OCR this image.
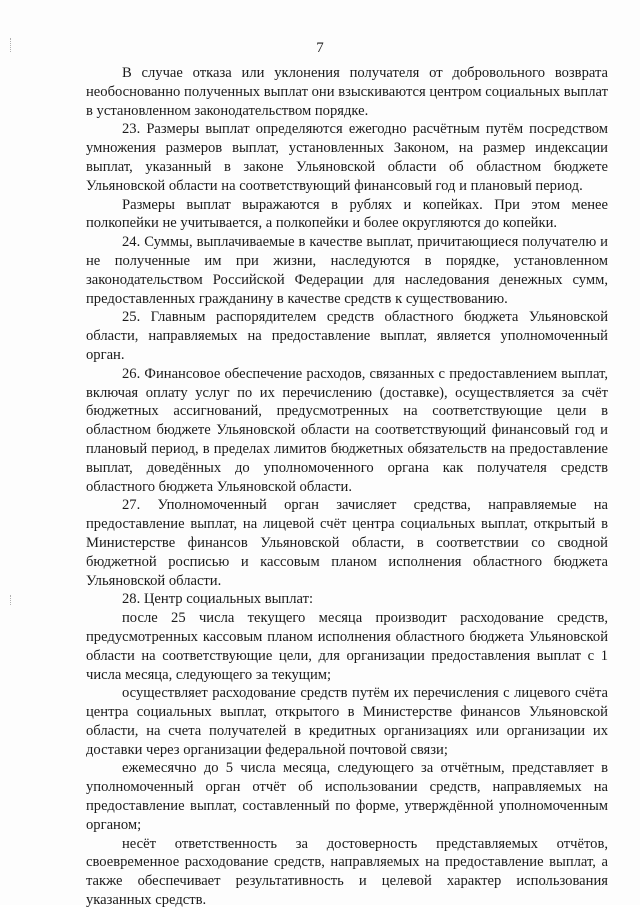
7

В случае отказа или уклонения получателя от добровольного возврата необоснованно полученных выплат они взыскиваются центром социальных выплат в установленном законодательством порядке.

23. Размеры выплат определяются ежегодно расчётным путём посредством умножения размеров выплат, установленных Законом, на размер индексации выплат, указанный в законе Ульяновской области об областном бюджете Ульяновской области на соответствующий финансовый год и плановый период.

Размеры выплат выражаются в рублях и копейках. При этом менее полкопейки не учитывается, а полкопейки и более округляются до копейки.

24. Суммы, выплачиваемые в качестве выплат, причитающиеся получателю и не полученные им при жизни, наследуются в порядке, установленном законодательством Российской Федерации для наследования денежных сумм, предоставленных гражданину в качестве средств к существованию.

25. Главным распорядителем средств областного бюджета Ульяновской области, направляемых на предоставление выплат, является уполномоченный орган.

26. Финансовое обеспечение расходов, связанных с предоставлением выплат, включая оплату услуг по их перечислению (доставке), осуществляется за счёт бюджетных ассигнований, предусмотренных на соответствующие цели в областном бюджете Ульяновской области на соответствующий финансовый год и плановый период, в пределах лимитов бюджетных обязательств на предоставление выплат, доведённых до уполномоченного органа как получателя средств областного бюджета Ульяновской области.

27. Уполномоченный орган зачисляет средства, направляемые на предоставление выплат, на лицевой счёт центра социальных выплат, открытый в Министерстве финансов Ульяновской области, в соответствии со сводной бюджетной росписью и кассовым планом исполнения областного бюджета Ульяновской области.

28. Центр социальных выплат:

после 25 числа текущего месяца производит расходование средств, предусмотренных кассовым планом исполнения областного бюджета Ульяновской области на соответствующие цели, для организации предоставления выплат с 1 числа месяца, следующего за текущим;

осуществляет расходование средств путём их перечисления с лицевого счёта центра социальных выплат, открытого в Министерстве финансов Ульяновской области, на счета получателей в кредитных организациях или организации их доставки через организации федеральной почтовой связи;

ежемесячно до 5 числа месяца, следующего за отчётным, представляет в уполномоченный орган отчёт об использовании средств, направляемых на предоставление выплат, составленный по форме, утверждённой уполномоченным органом;

несёт ответственность за достоверность представляемых отчётов, своевременное расходование средств, направляемых на предоставление выплат, а также обеспечивает результативность и целевой характер использования указанных средств.
